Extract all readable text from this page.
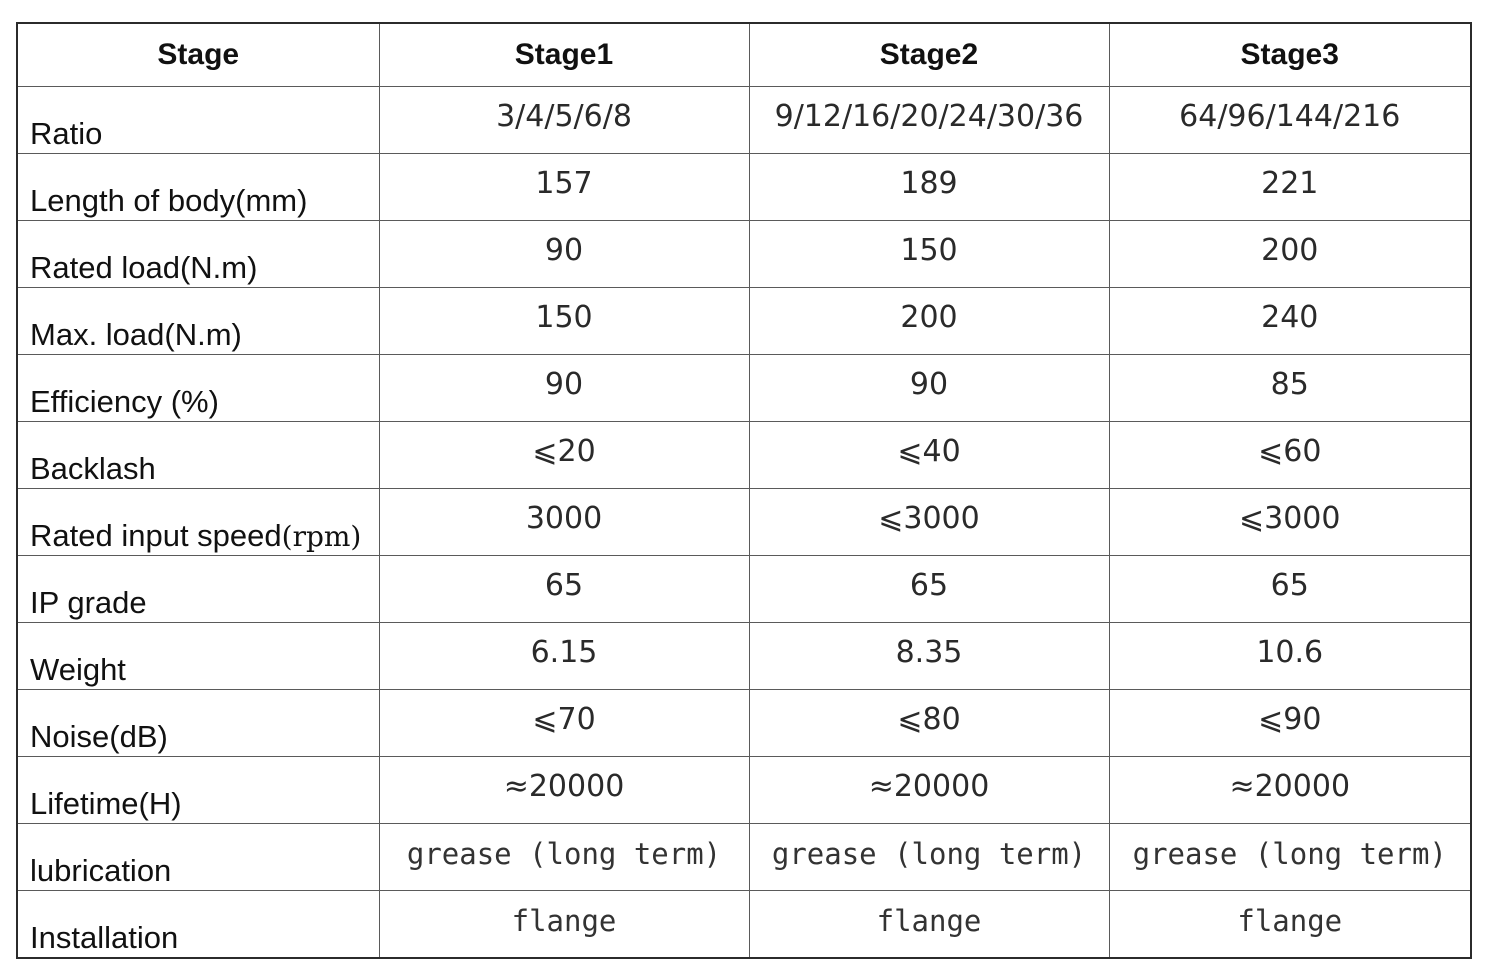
Stage	Stage1	Stage2	Stage3
Ratio	3/4/5/6/8	9/12/16/20/24/30/36	64/96/144/216
Length of body(mm)	157	189	221
Rated load(N.m)	90	150	200
Max. load(N.m)	150	200	240
Efficiency (%)	90	90	85
Backlash	⩽20	⩽40	⩽60
Rated input speed(rpm)	3000	⩽3000	⩽3000
IP grade	65	65	65
Weight	6.15	8.35	10.6
Noise(dB)	⩽70	⩽80	⩽90
Lifetime(H)	≈20000	≈20000	≈20000
lubrication	grease (long term)	grease (long term)	grease (long term)
Installation	flange	flange	flange
